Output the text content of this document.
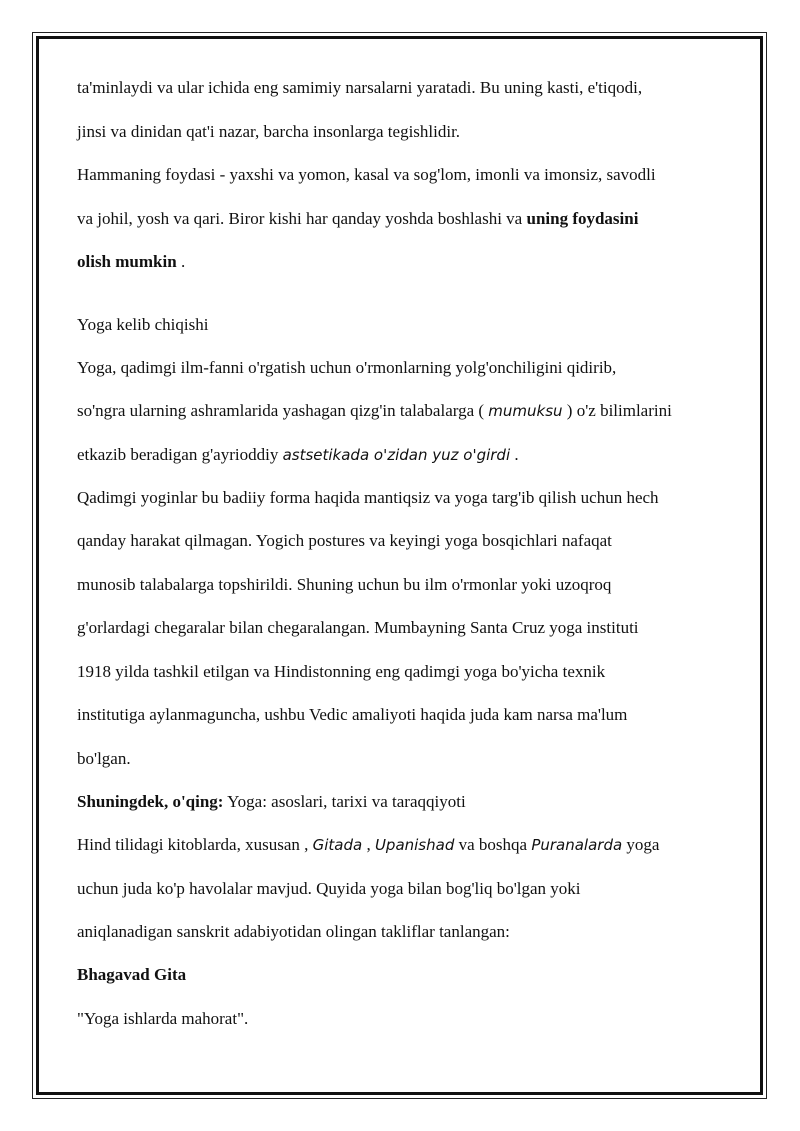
ta'minlaydi va ular ichida eng samimiy narsalarni yaratadi. Bu uning kasti, e'tiqodi,
jinsi va dinidan qat'i nazar, barcha insonlarga tegishlidir.
Hammaning foydasi - yaxshi va yomon, kasal va sog'lom, imonli va imonsiz, savodli
va johil, yosh va qari. Biror kishi har qanday yoshda boshlashi va uning foydasini
olish mumkin .
Yoga kelib chiqishi
Yoga, qadimgi ilm-fanni o'rgatish uchun o'rmonlarning yolg'onchiligini qidirib,
so'ngra ularning ashramlarida yashagan qizg'in talabalarga ( mumuksu ) o'z bilimlarini
etkazib beradigan g'ayrioddiy astsetikada o'zidan yuz o'girdi .
Qadimgi yoginlar bu badiiy forma haqida mantiqsiz va yoga targ'ib qilish uchun hech
qanday harakat qilmagan. Yogich postures va keyingi yoga bosqichlari nafaqat
munosib talabalarga topshirildi. Shuning uchun bu ilm o'rmonlar yoki uzoqroq
g'orlardagi chegaralar bilan chegaralangan. Mumbayning Santa Cruz yoga instituti
1918 yilda tashkil etilgan va Hindistonning eng qadimgi yoga bo'yicha texnik
institutiga aylanmaguncha, ushbu Vedic amaliyoti haqida juda kam narsa ma'lum
bo'lgan.
Shuningdek, o'qing: Yoga: asoslari, tarixi va taraqqiyoti
Hind tilidagi kitoblarda, xususan , Gitada , Upanishad va boshqa Puranalarda yoga
uchun juda ko'p havolalar mavjud. Quyida yoga bilan bog'liq bo'lgan yoki
aniqlanadigan sanskrit adabiyotidan olingan takliflar tanlangan:
Bhagavad Gita
"Yoga ishlarda mahorat".
